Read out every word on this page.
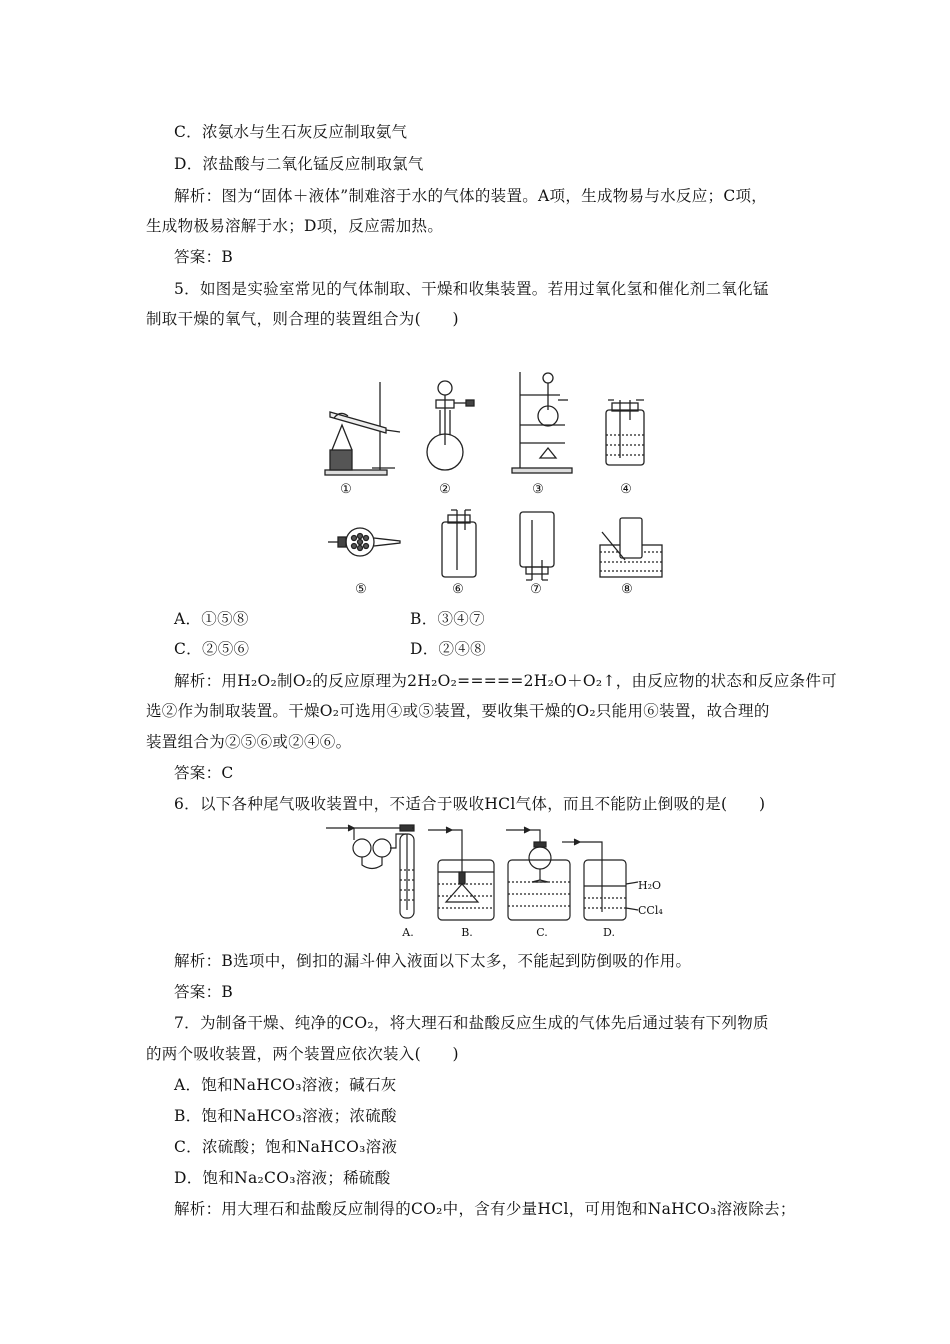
C．浓氨水与生石灰反应制取氨气
D．浓盐酸与二氧化锰反应制取氯气
解析：图为“固体＋液体”制难溶于水的气体的装置。A项，生成物易与水反应；C项，
生成物极易溶解于水；D项，反应需加热。
答案：B
5．如图是实验室常见的气体制取、干燥和收集装置。若用过氧化氢和催化剂二氧化锰
制取干燥的氧气，则合理的装置组合为(　　)
①	②	③	④
⑤	⑥	⑦	⑧
A．①⑤⑧	B．③④⑦
C．②⑤⑥	D．②④⑧
解析：用H₂O₂制O₂的反应原理为2H₂O₂=====2H₂O＋O₂↑，由反应物的状态和反应条件可
选②作为制取装置。干燥O₂可选用④或⑤装置，要收集干燥的O₂只能用⑥装置，故合理的
装置组合为②⑤⑥或②④⑥。
答案：C
6．以下各种尾气吸收装置中，不适合于吸收HCl气体，而且不能防止倒吸的是(　　)
A.	B.	C.	D.
H₂O
CCl₄
解析：B选项中，倒扣的漏斗伸入液面以下太多，不能起到防倒吸的作用。
答案：B
7．为制备干燥、纯净的CO₂，将大理石和盐酸反应生成的气体先后通过装有下列物质
的两个吸收装置，两个装置应依次装入(　　)
A．饱和NaHCO₃溶液；碱石灰
B．饱和NaHCO₃溶液；浓硫酸
C．浓硫酸；饱和NaHCO₃溶液
D．饱和Na₂CO₃溶液；稀硫酸
解析：用大理石和盐酸反应制得的CO₂中，含有少量HCl，可用饱和NaHCO₃溶液除去；
